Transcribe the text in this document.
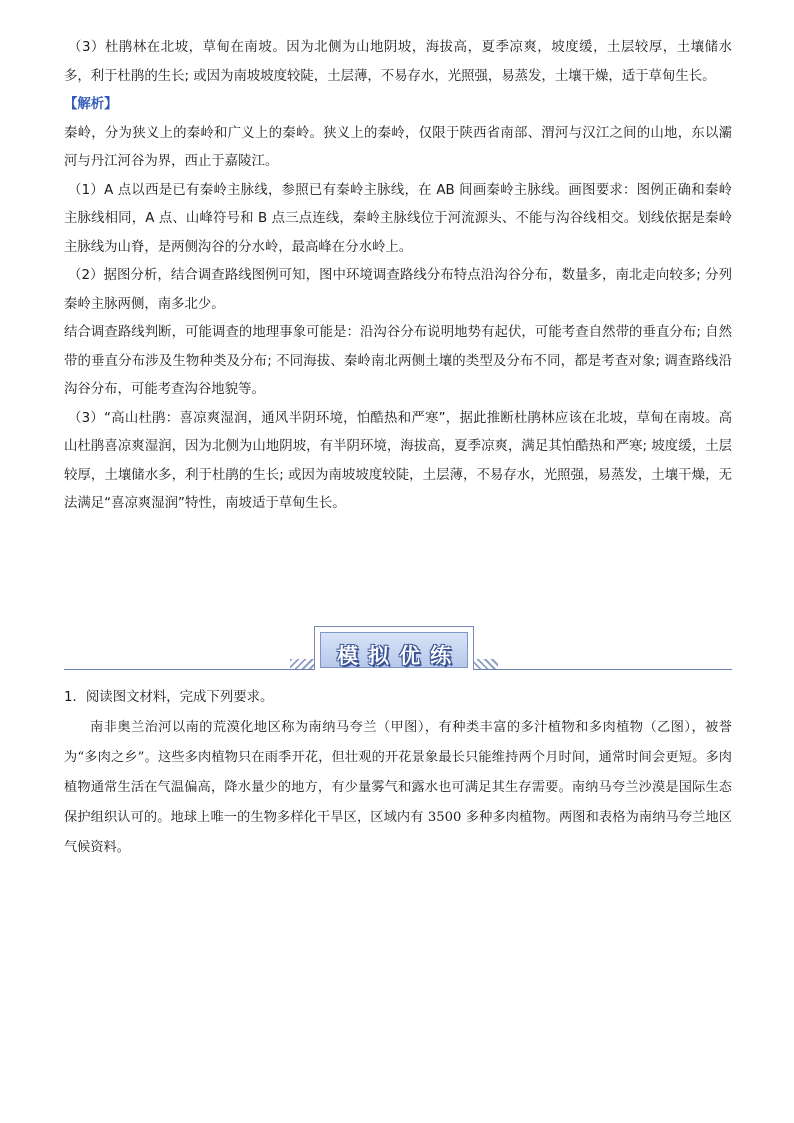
（3）杜鹃林在北坡，草甸在南坡。因为北侧为山地阴坡，海拔高，夏季凉爽，坡度缓，土层较厚，土壤储水多，利于杜鹃的生长; 或因为南坡坡度较陡，土层薄，不易存水，光照强，易蒸发，土壤干燥，适于草甸生长。

【解析】

秦岭，分为狭义上的秦岭和广义上的秦岭。狭义上的秦岭，仅限于陕西省南部、渭河与汉江之间的山地，东以灞河与丹江河谷为界，西止于嘉陵江。

（1）A 点以西是已有秦岭主脉线，参照已有秦岭主脉线，在 AB 间画秦岭主脉线。画图要求：图例正确和秦岭主脉线相同，A 点、山峰符号和 B 点三点连线，秦岭主脉线位于河流源头、不能与沟谷线相交。划线依据是秦岭主脉线为山脊，是两侧沟谷的分水岭，最高峰在分水岭上。

（2）据图分析，结合调查路线图例可知，图中环境调查路线分布特点沿沟谷分布，数量多，南北走向较多; 分列秦岭主脉两侧，南多北少。

结合调查路线判断，可能调查的地理事象可能是：沿沟谷分布说明地势有起伏，可能考查自然带的垂直分布; 自然带的垂直分布涉及生物种类及分布; 不同海拔、秦岭南北两侧土壤的类型及分布不同，都是考查对象; 调查路线沿沟谷分布，可能考查沟谷地貌等。

（3）“高山杜鹃：喜凉爽湿润，通风半阴环境，怕酷热和严寒”，据此推断杜鹃林应该在北坡，草甸在南坡。高山杜鹃喜凉爽湿润，因为北侧为山地阴坡，有半阴环境，海拔高，夏季凉爽，满足其怕酷热和严寒; 坡度缓，土层较厚，土壤储水多，利于杜鹃的生长; 或因为南坡坡度较陡，土层薄，不易存水，光照强，易蒸发，土壤干燥，无法满足“喜凉爽湿润”特性，南坡适于草甸生长。

模拟优练

1．阅读图文材料，完成下列要求。

南非奥兰治河以南的荒漠化地区称为南纳马夸兰（甲图），有种类丰富的多汁植物和多肉植物（乙图），被誉为“多肉之乡”。这些多肉植物只在雨季开花，但壮观的开花景象最长只能维持两个月时间，通常时间会更短。多肉植物通常生活在气温偏高，降水量少的地方，有少量雾气和露水也可满足其生存需要。南纳马夸兰沙漠是国际生态保护组织认可的。地球上唯一的生物多样化干旱区，区域内有 3500 多种多肉植物。两图和表格为南纳马夸兰地区气候资料。
